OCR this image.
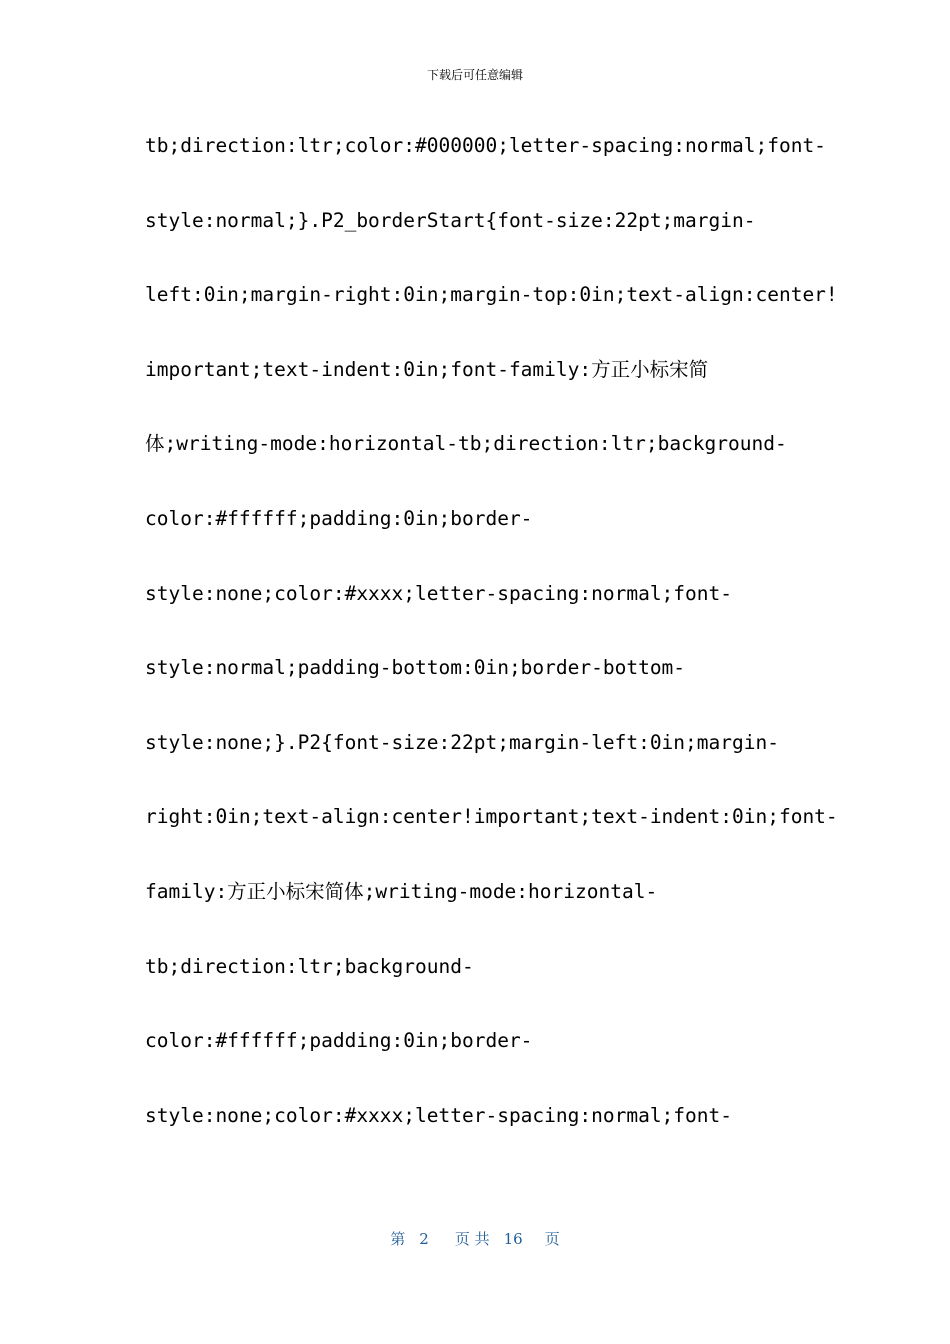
下载后可任意编辑
tb;direction:ltr;color:#000000;letter-spacing:normal;font-
style:normal;}.P2_borderStart{font-size:22pt;margin-
left:0in;margin-right:0in;margin-top:0in;text-align:center!
important;text-indent:0in;font-family:方正小标宋简
体;writing-mode:horizontal-tb;direction:ltr;background-
color:#ffffff;padding:0in;border-
style:none;color:#xxxx;letter-spacing:normal;font-
style:normal;padding-bottom:0in;border-bottom-
style:none;}.P2{font-size:22pt;margin-left:0in;margin-
right:0in;text-align:center!important;text-indent:0in;font-
family:方正小标宋简体;writing-mode:horizontal-
tb;direction:ltr;background-
color:#ffffff;padding:0in;border-
style:none;color:#xxxx;letter-spacing:normal;font-
第 2 页 共 16 页
